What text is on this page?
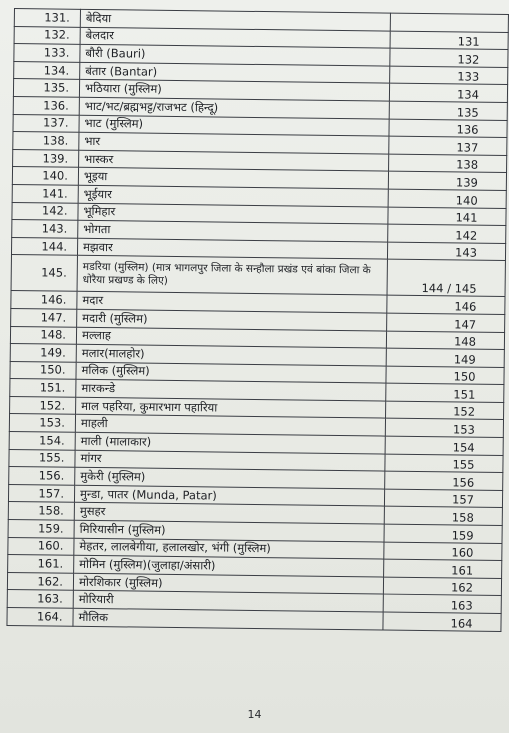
131.	बेदिया	
132.	बेलदार	131
133.	बौरी (Bauri)	132
134.	बंतार (Bantar)	133
135.	भठियारा (मुस्लिम)	134
136.	भाट/भट/ब्रह्मभट्ट/राजभट (हिन्दू)	135
137.	भाट (मुस्लिम)	136
138.	भार	137
139.	भास्कर	138
140.	भूइया	139
141.	भूईयार	140
142.	भूमिहार	141
143.	भोगता	142
144.	मझवार	143
145.	मडरिया (मुस्लिम) (मात्र भागलपुर जिला के सन्हौला प्रखंड एवं बांका जिला के धोरैया प्रखण्ड के लिए)	144 / 145
146.	मदार	146
147.	मदारी (मुस्लिम)	147
148.	मल्लाह	148
149.	मलार(मालहोर)	149
150.	मलिक (मुस्लिम)	150
151.	मारकन्डे	151
152.	माल पहरिया, कुमारभाग पहारिया	152
153.	माहली	153
154.	माली (मालाकार)	154
155.	मांगर	155
156.	मुकेरी (मुस्लिम)	156
157.	मुन्डा, पातर (Munda, Patar)	157
158.	मुसहर	158
159.	मिरियासीन (मुस्लिम)	159
160.	मेहतर, लालबेगीया, हलालखोर, भंगी (मुस्लिम)	160
161.	मोमिन (मुस्लिम)(जुलाहा/अंसारी)	161
162.	मोरशिकार (मुस्लिम)	162
163.	मोरियारी	163
164.	मौलिक	164
14
